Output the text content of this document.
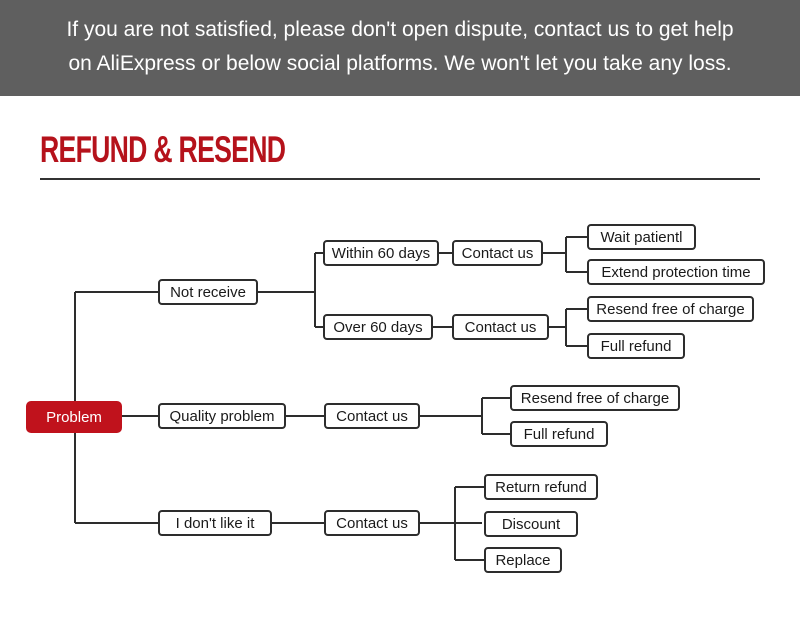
If you are not satisfied, please don't open dispute, contact us to get help
on AliExpress or below social platforms. We won't let you take any loss.
REFUND & RESEND
Problem
Not receive
Within 60 days	Contact us
Wait patientl
Extend protection time
Over 60 days	Contact us
Resend free of charge
Full refund
Quality problem	Contact us
Resend free of charge
Full refund
I don't like it	Contact us
Return refund
Discount
Replace
